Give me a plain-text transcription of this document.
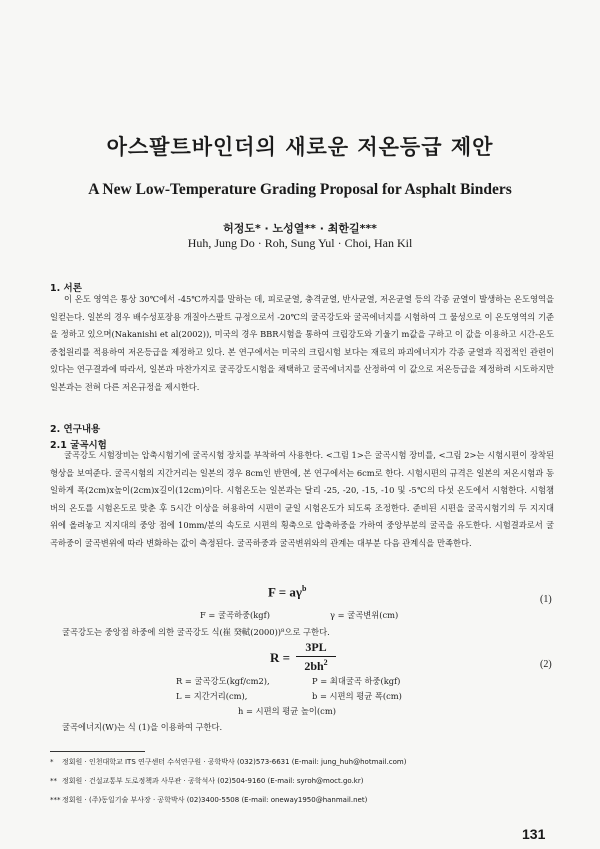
아스팔트바인더의 새로운 저온등급 제안
A New Low-Temperature Grading Proposal for Asphalt Binders
허정도* · 노성열** · 최한길***
Huh, Jung Do · Roh, Sung Yul · Choi, Han Kil
1. 서론

이 온도 영역은 통상 30℃에서 -45℃까지를 말하는 데, 피로균열, 충격균열, 반사균열, 저온균열 등의 각종 균열이 발생하는 온도영역을 일컫는다. 일본의 경우 배수성포장용 개질아스팔트 규정으로서 -20℃의 굴곡강도와 굴곡에너지를 시험하여 그 물성으로 이 온도영역의 기준을 정하고 있으며(Nakanishi et al(2002)), 미국의 경우 BBR시험을 통하여 크립강도와 기울기 m값을 구하고 이 값을 이용하고 시간-온도 중첩원리를 적용하여 저온등급을 제정하고 있다. 본 연구에서는 미국의 크립시험 보다는 재료의 파괴에너지가 각종 균열과 직접적인 관련이 있다는 연구결과에 따라서, 일본과 마찬가지로 굴곡강도시험을 채택하고 굴곡에너지를 산정하여 이 값으로 저온등급을 제정하려 시도하지만 일본과는 전혀 다른 저온규정을 제시한다.

2. 연구내용
2.1 굴곡시험

굴곡강도 시험장비는 압축시험기에 굴곡시험 장치를 부착하여 사용한다. <그림 1>은 굴곡시험 장비를, <그림 2>는 시험시편이 장착된 형상을 보여준다. 굴곡시험의 지간거리는 일본의 경우 8cm인 반면에, 본 연구에서는 6cm로 한다. 시험시편의 규격은 일본의 저온시험과 동일하게 폭(2cm)x높이(2cm)x길이(12cm)이다. 시험온도는 일본과는 달리 -25, -20, -15, -10 및 -5℃의 다섯 온도에서 시험한다. 시험챔버의 온도를 시험온도로 맞춘 후 5시간 이상을 허용하여 시편이 균일 시험온도가 되도록 조정한다. 준비된 시편을 굴곡시험기의 두 지지대 위에 올려놓고 지지대의 중앙 점에 10mm/분의 속도로 시편의 횡축으로 압축하중을 가하여 중앙부분의 굴곡을 유도한다. 시험결과로서 굴곡하중이 굴곡변위에 따라 변화하는 값이 측정된다. 굴곡하중과 굴곡변위와의 관계는 대부분 다음 관계식을 만족한다.

$F = a\gamma^b$
(1)
F = 굴곡하중(kgf)	γ = 굴곡변위(cm)
굴곡강도는 중앙점 하중에 의한 굴곡강도 식(崔 癸軾(2000))⁸으로 구한다.
R =
3PL
$2bh^2$	(2)
R = 굴곡강도(kgf/cm2),	P = 최대굴곡 하중(kgf)
L = 지간거리(cm),	b = 시편의 평균 폭(cm)
h = 시편의 평균 높이(cm)
굴곡에너지(W)는 식 (1)을 이용하여 구한다.
* 정회원 · 인천대학교 ITS 연구센터 수석연구원 · 공학박사 (032)573-6631 (E-mail: jung_huh@hotmail.com)
** 정회원 · 건설교통부 도로정책과 사무관 · 공학석사 (02)504-9160 (E-mail: syroh@moct.go.kr)
*** 정회원 · (주)동일기술 부사장 · 공학박사 (02)3400-5508 (E-mail: oneway1950@hanmail.net)
131
